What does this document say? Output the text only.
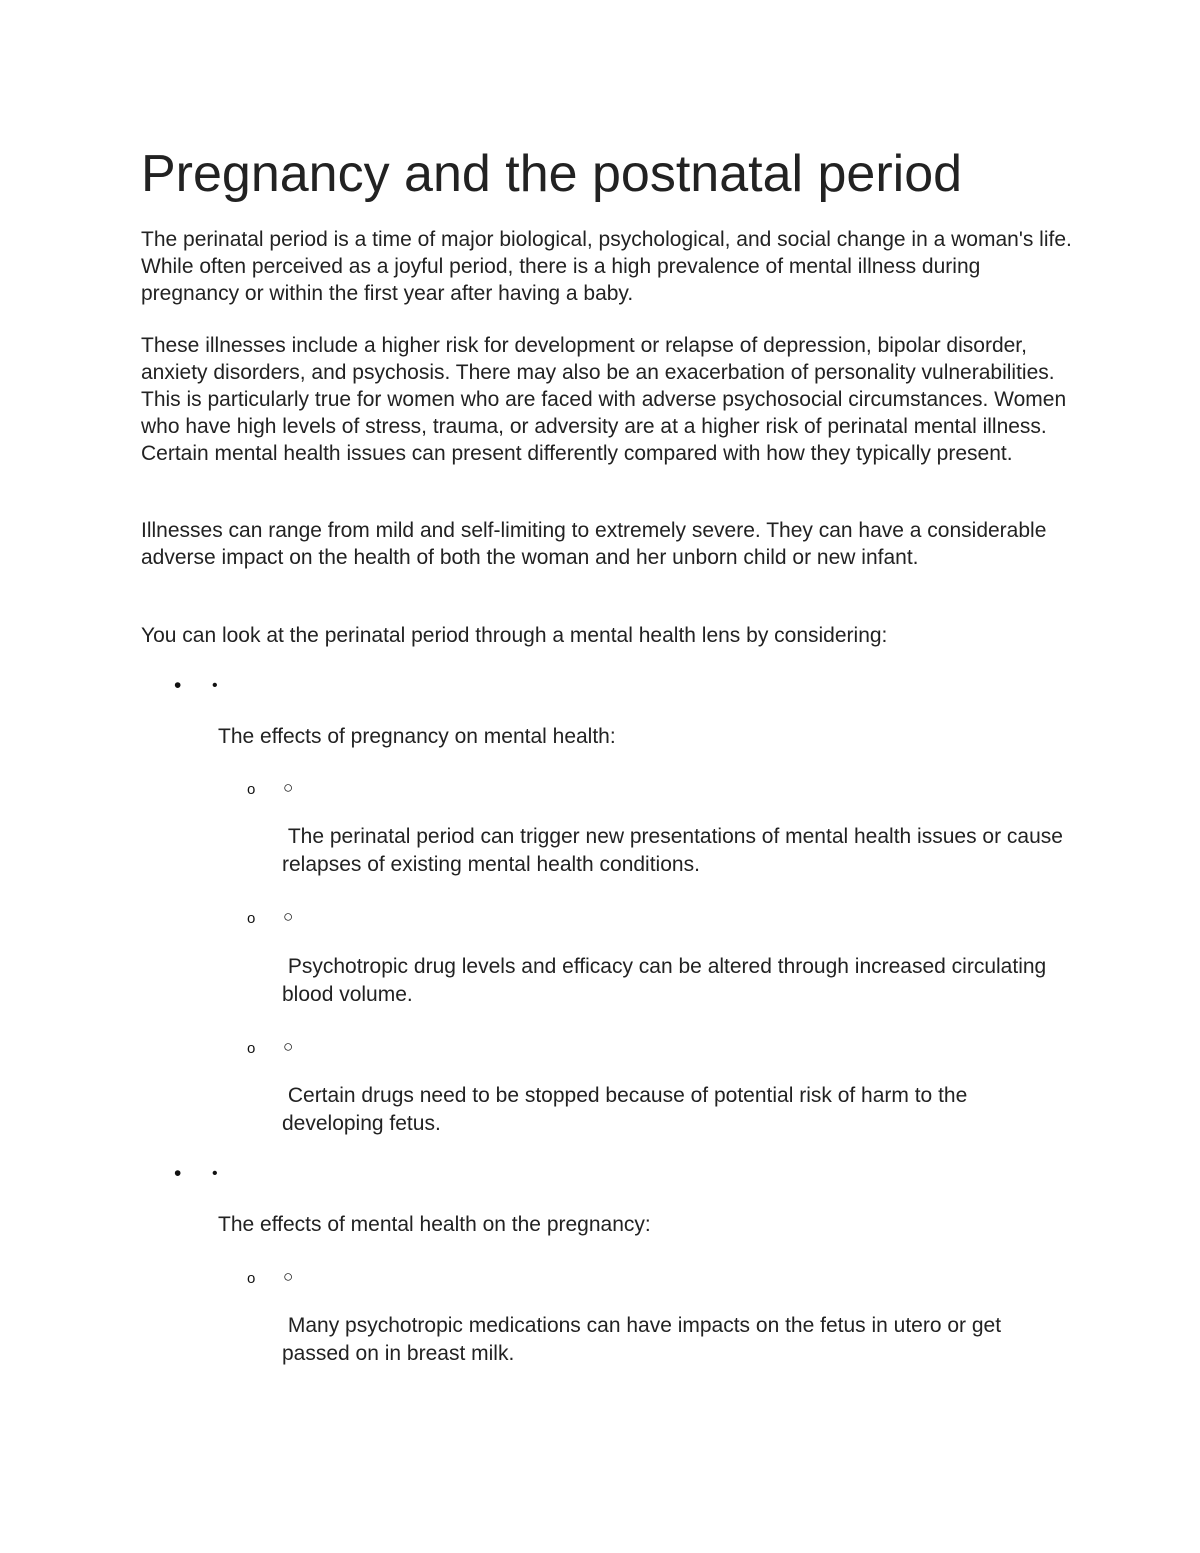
Pregnancy and the postnatal period

The perinatal period is a time of major biological, psychological, and social change in a woman's life. While often perceived as a joyful period, there is a high prevalence of mental illness during pregnancy or within the first year after having a baby.

These illnesses include a higher risk for development or relapse of depression, bipolar disorder, anxiety disorders, and psychosis. There may also be an exacerbation of personality vulnerabilities. This is particularly true for women who are faced with adverse psychosocial circumstances. Women who have high levels of stress, trauma, or adversity are at a higher risk of perinatal mental illness. Certain mental health issues can present differently compared with how they typically present.

Illnesses can range from mild and self-limiting to extremely severe. They can have a considerable adverse impact on the health of both the woman and her unborn child or new infant.

You can look at the perinatal period through a mental health lens by considering:

• •

The effects of pregnancy on mental health:

o ○

The perinatal period can trigger new presentations of mental health issues or cause relapses of existing mental health conditions.

o ○

Psychotropic drug levels and efficacy can be altered through increased circulating blood volume.

o ○

Certain drugs need to be stopped because of potential risk of harm to the developing fetus.

• •

The effects of mental health on the pregnancy:

o ○

Many psychotropic medications can have impacts on the fetus in utero or get passed on in breast milk.
